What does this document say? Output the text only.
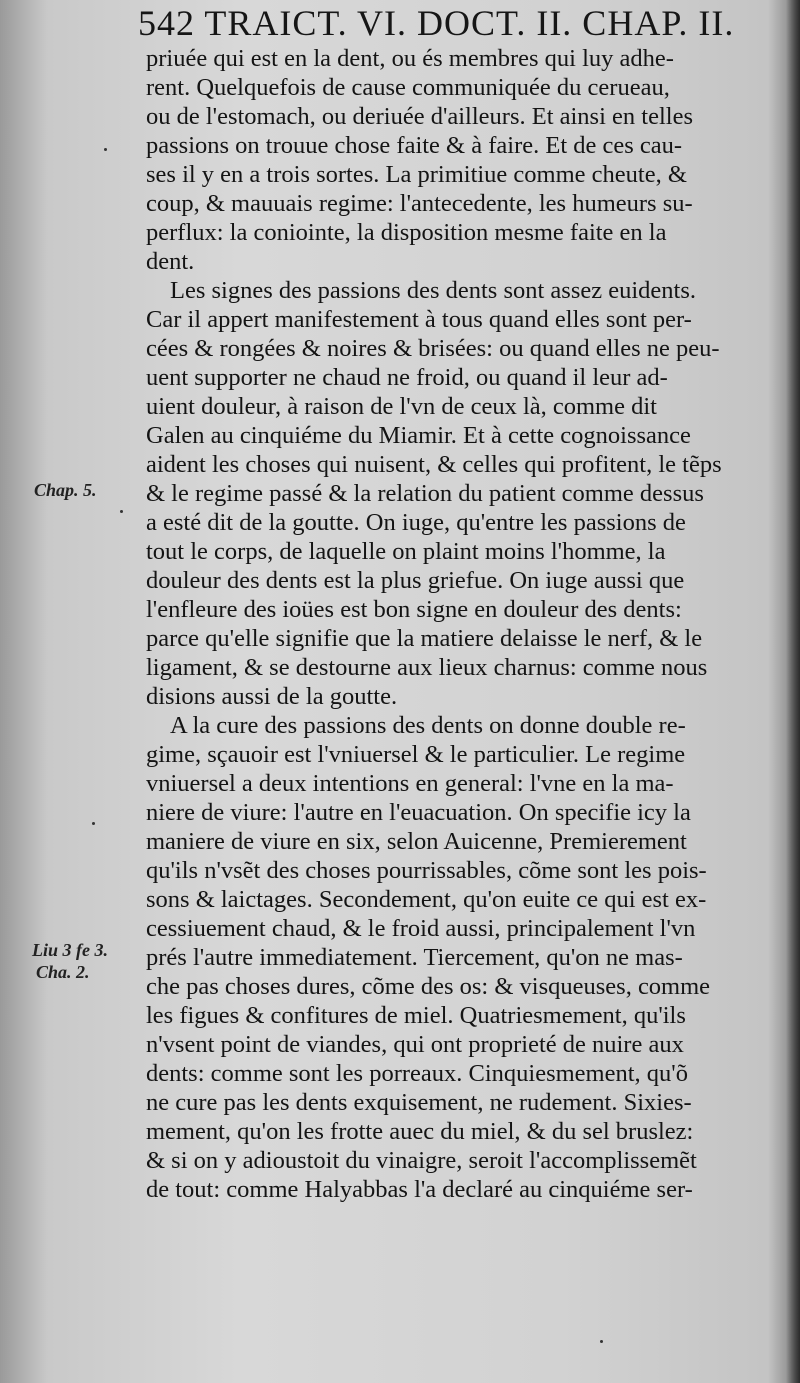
542 TRAICT. VI. DOCT. II. CHAP. II.
Chap. 5.
Liu 3 fe 3.
Cha. 2.
priuée qui est en la dent, ou és membres qui luy adhe-
rent. Quelquefois de cause communiquée du cerueau,
ou de l'estomach, ou deriuée d'ailleurs. Et ainsi en telles
passions on trouue chose faite & à faire. Et de ces cau-
ses il y en a trois sortes. La primitiue comme cheute, &
coup, & mauuais regime: l'antecedente, les humeurs su-
perflux: la coniointe, la disposition mesme faite en la
dent.
Les signes des passions des dents sont assez euidents.
Car il appert manifestement à tous quand elles sont per-
cées & rongées & noires & brisées: ou quand elles ne peu-
uent supporter ne chaud ne froid, ou quand il leur ad-
uient douleur, à raison de l'vn de ceux là, comme dit
Galen au cinquiéme du Miamir. Et à cette cognoissance
aident les choses qui nuisent, & celles qui profitent, le tẽps
& le regime passé & la relation du patient comme dessus
a esté dit de la goutte. On iuge, qu'entre les passions de
tout le corps, de laquelle on plaint moins l'homme, la
douleur des dents est la plus griefue. On iuge aussi que
l'enfleure des ioües est bon signe en douleur des dents:
parce qu'elle signifie que la matiere delaisse le nerf, & le
ligament, & se destourne aux lieux charnus: comme nous
disions aussi de la goutte.
A la cure des passions des dents on donne double re-
gime, sçauoir est l'vniuersel & le particulier. Le regime
vniuersel a deux intentions en general: l'vne en la ma-
niere de viure: l'autre en l'euacuation. On specifie icy la
maniere de viure en six, selon Auicenne, Premierement
qu'ils n'vsẽt des choses pourrissables, cõme sont les pois-
sons & laictages. Secondement, qu'on euite ce qui est ex-
cessiuement chaud, & le froid aussi, principalement l'vn
prés l'autre immediatement. Tiercement, qu'on ne mas-
che pas choses dures, cõme des os: & visqueuses, comme
les figues & confitures de miel. Quatriesmement, qu'ils
n'vsent point de viandes, qui ont proprieté de nuire aux
dents: comme sont les porreaux. Cinquiesmement, qu'õ
ne cure pas les dents exquisement, ne rudement. Sixies-
mement, qu'on les frotte auec du miel, & du sel bruslez:
& si on y adioustoit du vinaigre, seroit l'accomplissemẽt
de tout: comme Halyabbas l'a declaré au cinquiéme ser-
